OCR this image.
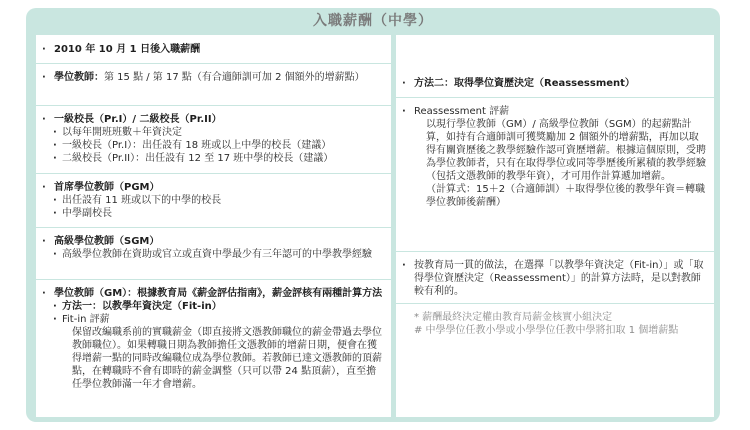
入職薪酬（中學）
· 2010 年 10 月 1 日後入職薪酬
· 學位教師：第 15 點 / 第 17 點（有合適師訓可加 2 個額外的增薪點）
· 一級校長（Pr.I）/ 二級校長（Pr.II）
· 以每年開班班數＋年資決定
· 一級校長（Pr.I）：出任設有 18 班或以上中學的校長（建議）
· 二級校長（Pr.II）：出任設有 12 至 17 班中學的校長（建議）
· 首席學位教師（PGM）
· 出任設有 11 班或以下的中學的校長
· 中學副校長
· 高級學位教師（SGM）
· 高級學位教師在資助或官立或直資中學最少有三年認可的中學教學經驗
· 學位教師（GM）：根據教育局《薪金評估指南》，薪金評核有兩種計算方法
· 方法一：以教學年資決定（Fit-in）
· Fit-in 評薪
保留改編職系前的實職薪金（即直接將文憑教師職位的薪金帶過去學位教師職位）。如果轉職日期為教師擔任文憑教師的增薪日期，便會在獲得增薪一點的同時改編職位成為學位教師。若教師已達文憑教師的頂薪點，在轉職時不會有即時的薪金調整（只可以帶 24 點頂薪），直至擔任學位教師滿一年才會增薪。
· 方法二：取得學位資歷決定（Reassessment）
· Reassessment 評薪
以現行學位教師（GM）/ 高級學位教師（SGM）的起薪點計算，如持有合適師訓可獲獎勵加 2 個額外的增薪點，再加以取得有關資歷後之教學經驗作認可資歷增薪。根據這個原則，受聘為學位教師者，只有在取得學位或同等學歷後所累積的教學經驗（包括文憑教師的教學年資），才可用作計算遞加增薪。
（計算式：15＋2（合適師訓）＋取得學位後的教學年資＝轉職學位教師後薪酬）
· 按教育局一貫的做法，在選擇「以教學年資決定（Fit-in）」或「取得學位資歷決定（Reassessment）」的計算方法時，是以對教師較有利的。
* 薪酬最終決定權由教育局薪金核實小組決定
# 中學學位任教小學或小學學位任教中學將扣取 1 個增薪點
